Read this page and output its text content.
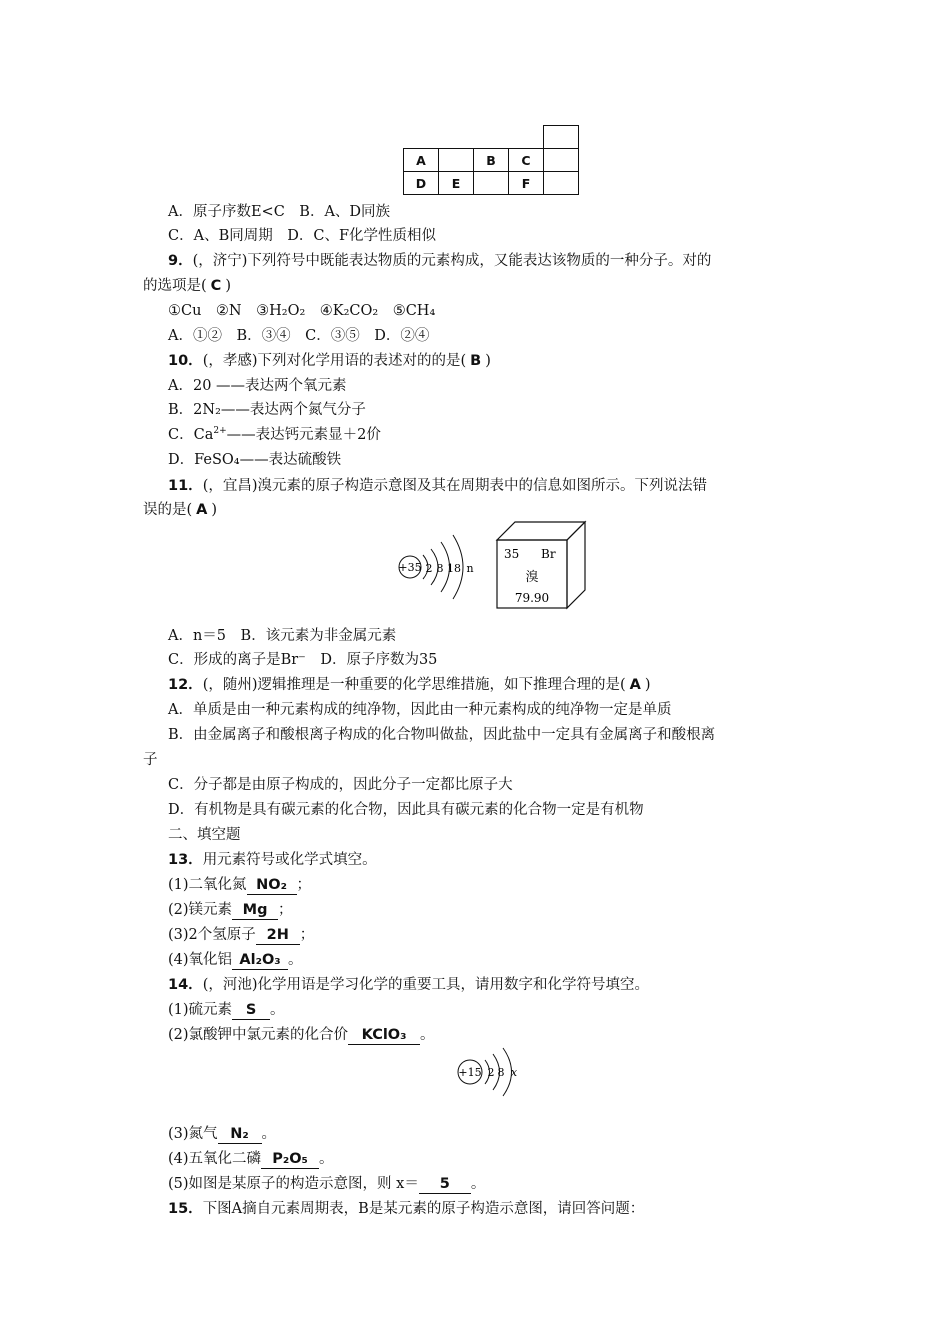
A		B	C	
D	E		F	
A．原子序数E<C　B．A、D同族
C．A、B同周期　D．C、F化学性质相似
9．(，济宁)下列符号中既能表达物质的元素构成，又能表达该物质的一种分子。对的
的选项是( C )
①Cu　②N　③H₂O₂　④K₂CO₂　⑤CH₄
A．①②　B．③④　C．③⑤　D．②④
10．(，孝感)下列对化学用语的表述对的的是( B )
A．20 ——表达两个氧元素
B．2N₂——表达两个氮气分子
C．$Ca^{2+}——$表达钙元素显＋2价
D．FeSO₄——表达硫酸铁
11．(，宜昌)溴元素的原子构造示意图及其在周期表中的信息如图所示。下列说法错
误的是( A )
+35 2 8 18 n
35 Br
溴
79.90
A．n＝5　B．该元素为非金属元素
C．形成的离子是Br⁻　D．原子序数为35
12．(，随州)逻辑推理是一种重要的化学思维措施，如下推理合理的是( A )
A．单质是由一种元素构成的纯净物，因此由一种元素构成的纯净物一定是单质
B．由金属离子和酸根离子构成的化合物叫做盐，因此盐中一定具有金属离子和酸根离
子
C．分子都是由原子构成的，因此分子一定都比原子大
D．有机物是具有碳元素的化合物，因此具有碳元素的化合物一定是有机物
二、填空题
13．用元素符号或化学式填空。
(1)二氧化氮 NO₂ ；
(2)镁元素 Mg ；
(3)2个氢原子 2H ；
(4)氧化铝 Al₂O₃ 。
14．(，河池)化学用语是学习化学的重要工具，请用数字和化学符号填空。
(1)硫元素 S 。
(2)氯酸钾中氯元素的化合价 KClO₃ 。
+15 2 8 x
(3)氮气 N₂ 。
(4)五氧化二磷 P₂O₅ 。
(5)如图是某原子的构造示意图，则 x＝ 5 。
15．下图A摘自元素周期表，B是某元素的原子构造示意图，请回答问题：
